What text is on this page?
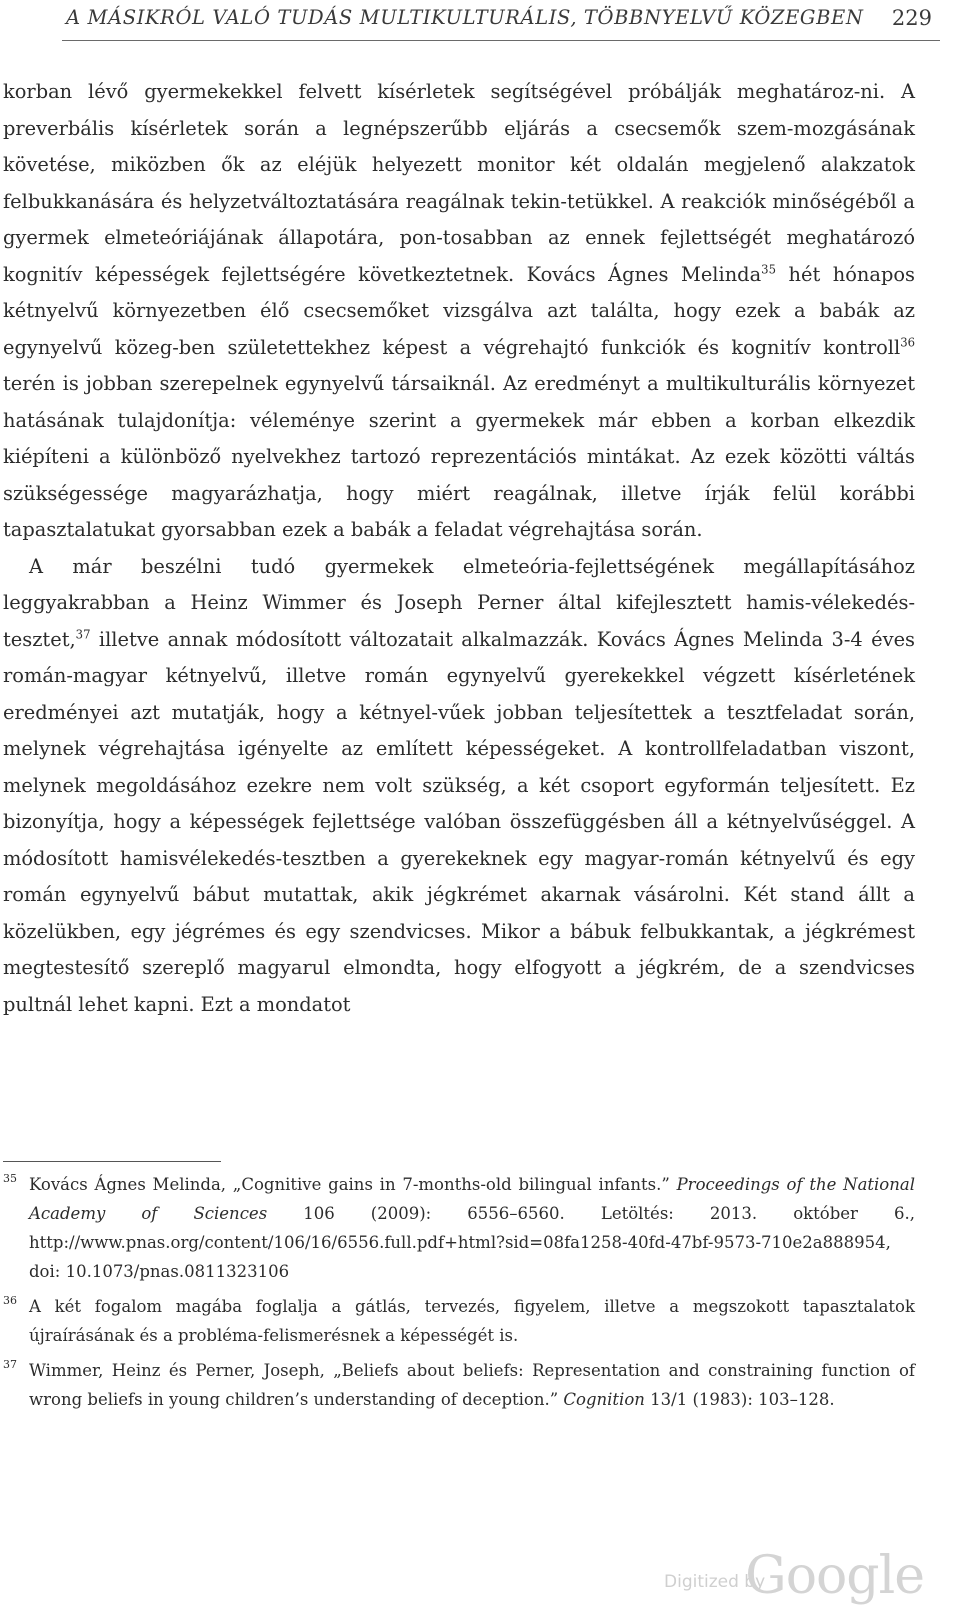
A MÁSIKRÓL VALÓ TUDÁS MULTIKULTURÁLIS, TÖBBNYELVŰ KÖZEGBEN 229

korban lévő gyermekekkel felvett kísérletek segítségével próbálják meghatároz-ni. A preverbális kísérletek során a legnépszerűbb eljárás a csecsemők szem-mozgásának követése, miközben ők az eléjük helyezett monitor két oldalán megjelenő alakzatok felbukkanására és helyzetváltoztatására reagálnak tekin-tetükkel. A reakciók minőségéből a gyermek elmeteóriájának állapotára, pon-tosabban az ennek fejlettségét meghatározó kognitív képességek fejlettségére következtetnek. Kovács Ágnes Melinda$^{35}$ hét hónapos kétnyelvű környezetben élő csecsemőket vizsgálva azt találta, hogy ezek a babák az egynyelvű közeg-ben születettekhez képest a végrehajtó funkciók és kognitív kontroll$^{36}$ terén is jobban szerepelnek egynyelvű társaiknál. Az eredményt a multikulturális környezet hatásának tulajdonítja: véleménye szerint a gyermekek már ebben a korban elkezdik kiépíteni a különböző nyelvekhez tartozó reprezentációs mintákat. Az ezek közötti váltás szükségessége magyarázhatja, hogy miért reagálnak, illetve írják felül korábbi tapasztalatukat gyorsabban ezek a babák a feladat végrehajtása során.

A már beszélni tudó gyermekek elmeteória-fejlettségének megállapításához leggyakrabban a Heinz Wimmer és Joseph Perner által kifejlesztett hamis-vélekedés-tesztet,$^{37}$ illetve annak módosított változatait alkalmazzák. Kovács Ágnes Melinda 3-4 éves román-magyar kétnyelvű, illetve román egynyelvű gyerekekkel végzett kísérletének eredményei azt mutatják, hogy a kétnyel-vűek jobban teljesítettek a tesztfeladat során, melynek végrehajtása igényelte az említett képességeket. A kontrollfeladatban viszont, melynek megoldásához ezekre nem volt szükség, a két csoport egyformán teljesített. Ez bizonyítja, hogy a képességek fejlettsége valóban összefüggésben áll a kétnyelvűséggel. A módosított hamisvélekedés-tesztben a gyerekeknek egy magyar-román kétnyelvű és egy román egynyelvű bábut mutattak, akik jégkrémet akarnak vásárolni. Két stand állt a közelükben, egy jégrémes és egy szendvicses. Mikor a bábuk felbukkantak, a jégkrémest megtestesítő szereplő magyarul elmondta, hogy elfogyott a jégkrém, de a szendvicses pultnál lehet kapni. Ezt a mondatot

35 Kovács Ágnes Melinda, „Cognitive gains in 7-months-old bilingual infants.” Proceedings of the National Academy of Sciences 106 (2009): 6556–6560. Letöltés: 2013. október 6., http://www.pnas.org/content/106/16/6556.full.pdf+html?sid=08fa1258-40fd-47bf-9573-710e2a888954, doi: 10.1073/pnas.0811323106
36 A két fogalom magába foglalja a gátlás, tervezés, figyelem, illetve a megszokott tapasztalatok újraírásának és a probléma-felismerésnek a képességét is.
37 Wimmer, Heinz és Perner, Joseph, „Beliefs about beliefs: Representation and constraining function of wrong beliefs in young children’s understanding of deception.” Cognition 13/1 (1983): 103–128.
Digitized by
Google
